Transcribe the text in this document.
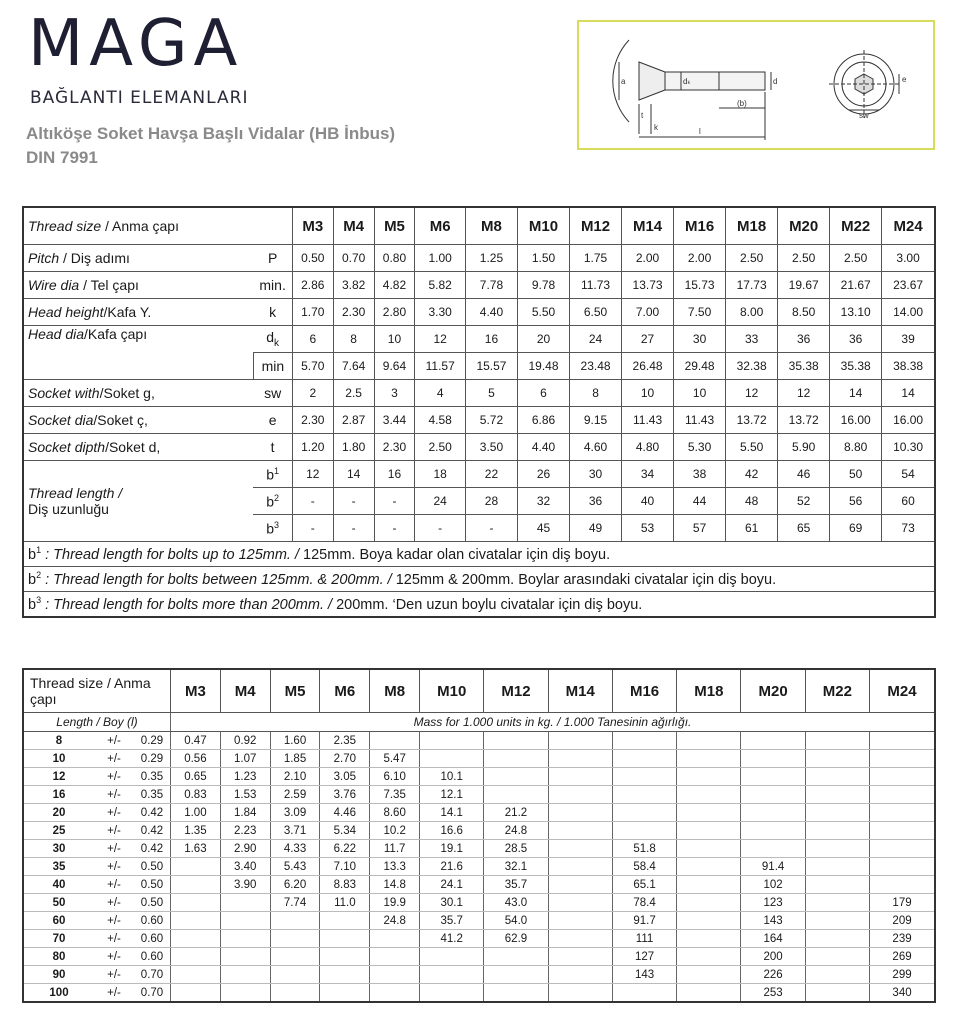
MAGA
BAĞLANTI ELEMANLARI
Altıköşe Soket Havşa Başlı Vidalar (HB İnbus)
DIN 7991
(b)
l
d
dₖ
a
k
t
e
sw
Thread size / Anma çapı		M3	M4	M5	M6	M8	M10	M12	M14	M16	M18	M20	M22	M24
Pitch / Diş adımı	P	0.50	0.70	0.80	1.00	1.25	1.50	1.75	2.00	2.00	2.50	2.50	2.50	3.00
Wire dia / Tel çapı	min.	2.86	3.82	4.82	5.82	7.78	9.78	11.73	13.73	15.73	17.73	19.67	21.67	23.67
Head height/Kafa Y.	k	1.70	2.30	2.80	3.30	4.40	5.50	6.50	7.00	7.50	8.00	8.50	13.10	14.00
Head dia/Kafa çapı	$d_k$	6	8	10	12	16	20	24	27	30	33	36	36	39
	min	5.70	7.64	9.64	11.57	15.57	19.48	23.48	26.48	29.48	32.38	35.38	35.38	38.38
Socket with/Soket g,	sw	2	2.5	3	4	5	6	8	10	10	12	12	14	14
Socket dia/Soket ç,	e	2.30	2.87	3.44	4.58	5.72	6.86	9.15	11.43	11.43	13.72	13.72	16.00	16.00
Socket dipth/Soket d,	t	1.20	1.80	2.30	2.50	3.50	4.40	4.60	4.80	5.30	5.50	5.90	8.80	10.30
Thread length /
Diş uzunluğu	$b^1$	12	14	16	18	22	26	30	34	38	42	46	50	54
	$b^2$	-	-	-	24	28	32	36	40	44	48	52	56	60
	$b^3$	-	-	-	-	-	45	49	53	57	61	65	69	73
$b^1$ : Thread length for bolts up to 125mm. / 125mm. Boya kadar olan civatalar için diş boyu.														
$b^2$ : Thread length for bolts between 125mm. & 200mm. / 125mm & 200mm. Boylar arasındaki civatalar için diş boyu.														
$b^3$ : Thread length for bolts more than 200mm. / 200mm. ‘Den uzun boylu civatalar için diş boyu.														
Thread size / Anma çapı			M3	M4	M5	M6	M8	M10	M12	M14	M16	M18	M20	M22	M24
Length / Boy (l)			Mass for 1.000 units in kg. / 1.000 Tanesinin ağırlığı.												
8	+/-	0.29	0.47	0.92	1.60	2.35									
10	+/-	0.29	0.56	1.07	1.85	2.70	5.47								
12	+/-	0.35	0.65	1.23	2.10	3.05	6.10	10.1							
16	+/-	0.35	0.83	1.53	2.59	3.76	7.35	12.1							
20	+/-	0.42	1.00	1.84	3.09	4.46	8.60	14.1	21.2						
25	+/-	0.42	1.35	2.23	3.71	5.34	10.2	16.6	24.8						
30	+/-	0.42	1.63	2.90	4.33	6.22	11.7	19.1	28.5		51.8				
35	+/-	0.50		3.40	5.43	7.10	13.3	21.6	32.1		58.4		91.4		
40	+/-	0.50		3.90	6.20	8.83	14.8	24.1	35.7		65.1		102		
50	+/-	0.50			7.74	11.0	19.9	30.1	43.0		78.4		123		179
60	+/-	0.60					24.8	35.7	54.0		91.7		143		209
70	+/-	0.60						41.2	62.9		111		164		239
80	+/-	0.60									127		200		269
90	+/-	0.70									143		226		299
100	+/-	0.70											253		340
